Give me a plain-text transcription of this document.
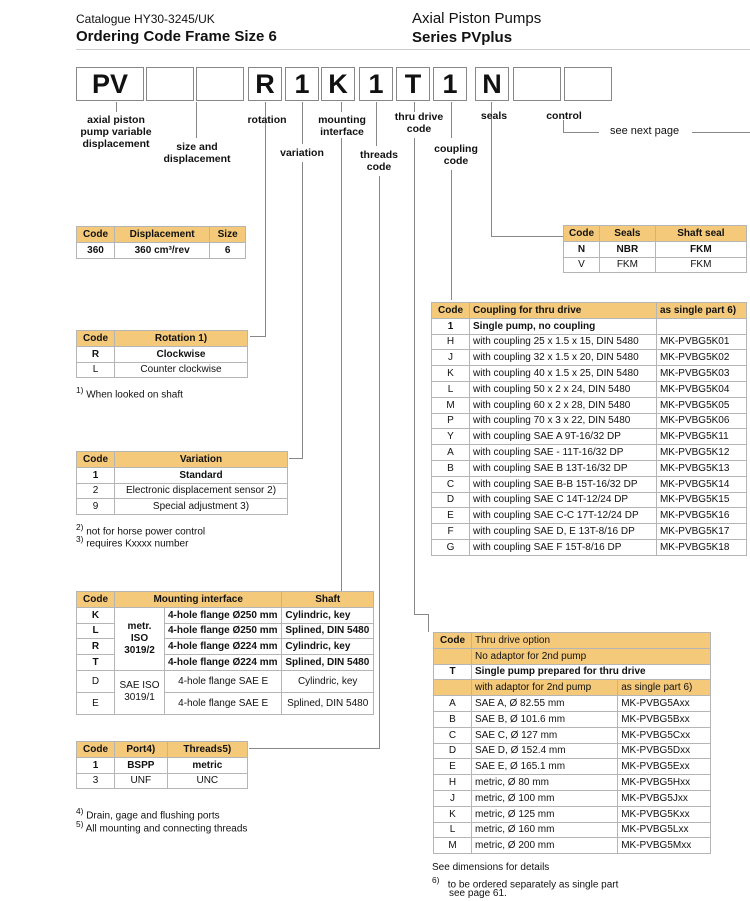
Catalogue HY30-3245/UK
Ordering Code Frame Size 6
Axial Piston Pumps
Series PVplus
PV	R 1 K 1 T 1 N
axial piston pump variable displacement	size and displacement
rotation
variation
mounting interface
threads code
thru drive code
coupling code
seals	control
see next page
Code	Displacement	Size
360	360 cm³/rev	6
Code	Rotation 1)
R	Clockwise
L	Counter clockwise
$^{1)}$ When looked on shaft
Code	Variation
1	Standard
2	Electronic displacement sensor 2)
9	Special adjustment 3)
$^{2)}$ not for horse power control
$^{3)}$ requires Kxxxx number
Code	Mounting interface		Shaft
K	metr. ISO 3019/2	4-hole flange Ø250 mm	Cylindric, key
L		4-hole flange Ø250 mm	Splined, DIN 5480
R		4-hole flange Ø224 mm	Cylindric, key
T		4-hole flange Ø224 mm	Splined, DIN 5480
D	SAE ISO 3019/1	4-hole flange SAE E	Cylindric, key
E		4-hole flange SAE E	Splined, DIN 5480
Code	Port4)	Threads5)
1	BSPP	metric
3	UNF	UNC
$^{4)}$ Drain, gage and flushing ports
$^{5)}$ All mounting and connecting threads
Code	Seals	Shaft seal
N	NBR	FKM
V	FKM	FKM
Code	Coupling for thru drive	as single part 6)
1	Single pump, no coupling	
H	with coupling 25 x 1.5 x 15, DIN 5480	MK-PVBG5K01
J	with coupling 32 x 1.5 x 20, DIN 5480	MK-PVBG5K02
K	with coupling 40 x 1.5 x 25, DIN 5480	MK-PVBG5K03
L	with coupling 50 x 2 x 24, DIN 5480	MK-PVBG5K04
M	with coupling 60 x 2 x 28, DIN 5480	MK-PVBG5K05
P	with coupling 70 x 3 x 22, DIN 5480	MK-PVBG5K06
Y	with coupling SAE A 9T-16/32 DP	MK-PVBG5K11
A	with coupling SAE - 11T-16/32 DP	MK-PVBG5K12
B	with coupling SAE B 13T-16/32 DP	MK-PVBG5K13
C	with coupling SAE B-B 15T-16/32 DP	MK-PVBG5K14
D	with coupling SAE C 14T-12/24 DP	MK-PVBG5K15
E	with coupling SAE C-C 17T-12/24 DP	MK-PVBG5K16
F	with coupling SAE D, E 13T-8/16 DP	MK-PVBG5K17
G	with coupling SAE F 15T-8/16 DP	MK-PVBG5K18
Code	Thru drive option	
	No adaptor for 2nd pump	
T	Single pump prepared for thru drive	
	with adaptor for 2nd pump	as single part 6)
A	SAE A, Ø 82.55 mm	MK-PVBG5Axx
B	SAE B, Ø 101.6 mm	MK-PVBG5Bxx
C	SAE C, Ø 127 mm	MK-PVBG5Cxx
D	SAE D, Ø 152.4 mm	MK-PVBG5Dxx
E	SAE E, Ø 165.1 mm	MK-PVBG5Exx
H	metric, Ø 80 mm	MK-PVBG5Hxx
J	metric, Ø 100 mm	MK-PVBG5Jxx
K	metric, Ø 125 mm	MK-PVBG5Kxx
L	metric, Ø 160 mm	MK-PVBG5Lxx
M	metric, Ø 200 mm	MK-PVBG5Mxx
See dimensions for details
$^{6)}$ to be ordered separately as single part
see page 61.
